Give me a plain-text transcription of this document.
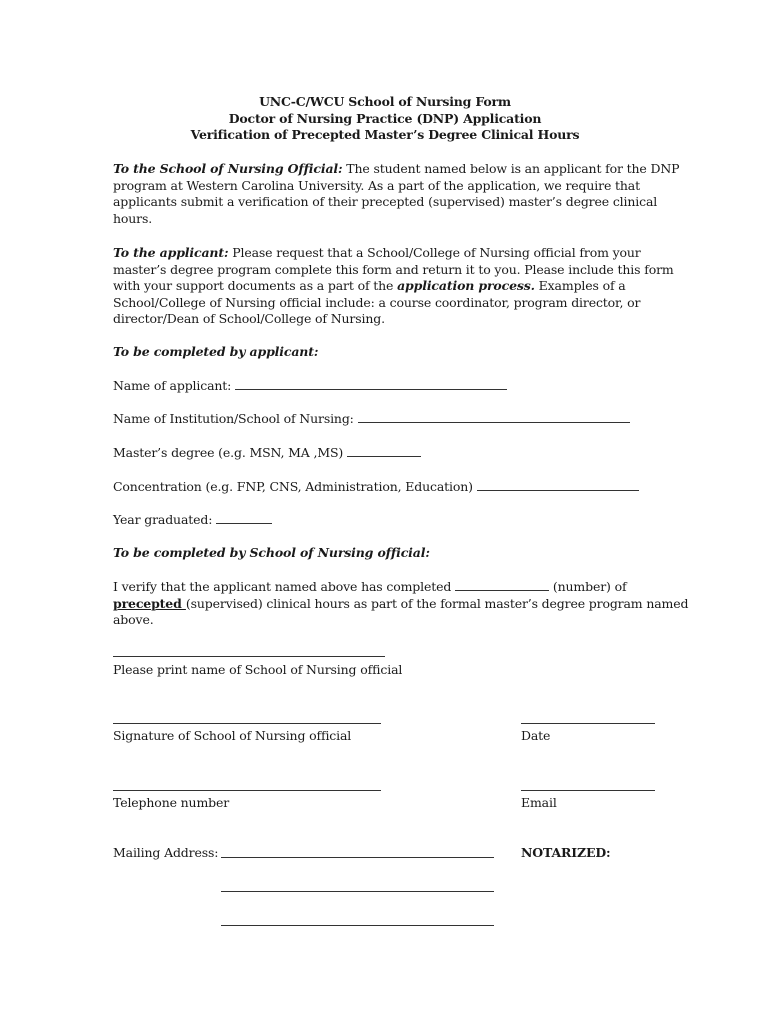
UNC-C/WCU School of Nursing Form
Doctor of Nursing Practice (DNP) Application
Verification of Precepted Master’s Degree Clinical Hours
To the School of Nursing Official: The student named below is an applicant for the DNP
program at Western Carolina University. As a part of the application, we require that
applicants submit a verification of their precepted (supervised) master’s degree clinical
hours.
To the applicant: Please request that a School/College of Nursing official from your
master’s degree program complete this form and return it to you. Please include this form
with your support documents as a part of the application process. Examples of a
School/College of Nursing official include: a course coordinator, program director, or
director/Dean of School/College of Nursing.
To be completed by applicant:
Name of applicant:
Name of Institution/School of Nursing:
Master’s degree (e.g. MSN, MA ,MS)
Concentration (e.g. FNP, CNS, Administration, Education)
Year graduated:
To be completed by School of Nursing official:
I verify that the applicant named above has completed	(number) of
precepted (supervised) clinical hours as part of the formal master’s degree program named
above.
Please print name of School of Nursing official
Signature of School of Nursing official	Date
Telephone number	Email
Mailing Address:	NOTARIZED:
